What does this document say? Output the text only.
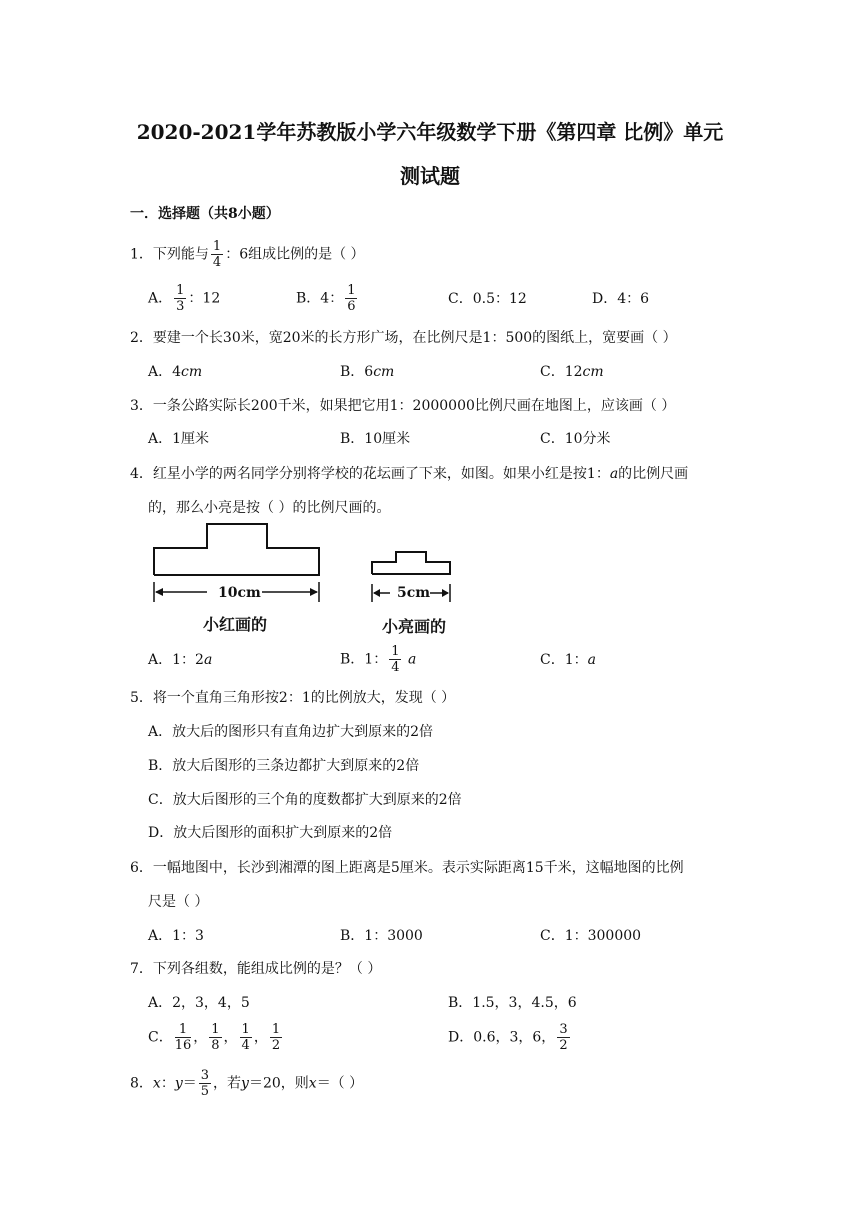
2020-2021学年苏教版小学六年级数学下册《第四章 比例》单元
测试题
一．选择题（共8小题）
1．下列能与 $\frac{1}{4}$ ：6组成比例的是（ ）
A． $\frac{1}{3}$ ：12	B．4： $\frac{1}{6}$	C．0.5：12	D．4：6
2．要建一个长30米，宽20米的长方形广场，在比例尺是1：500的图纸上，宽要画（ ）
A．4cm	B．6cm	C．12cm
3．一条公路实际长200千米，如果把它用1：2000000比例尺画在地图上，应该画（ ）
A．1厘米	B．10厘米	C．10分米
4．红星小学的两名同学分别将学校的花坛画了下来，如图。如果小红是按1：a的比例尺画
的，那么小亮是按（ ）的比例尺画的。
10cm
小红画的
5cm
小亮画的
A．1：2a	B．1： $\frac{1}{4}$ a	C．1：a
5．将一个直角三角形按2：1的比例放大，发现（ ）
A．放大后的图形只有直角边扩大到原来的2倍
B．放大后图形的三条边都扩大到原来的2倍
C．放大后图形的三个角的度数都扩大到原来的2倍
D．放大后图形的面积扩大到原来的2倍
6．一幅地图中，长沙到湘潭的图上距离是5厘米。表示实际距离15千米，这幅地图的比例
尺是（ ）
A．1：3	B．1：3000	C．1：300000
7．下列各组数，能组成比例的是？（ ）
A．2，3，4，5	B．1.5，3，4.5，6
C． $\frac{1}{16}$ ， $\frac{1}{8}$ ， $\frac{1}{4}$ ， $\frac{1}{2}$	D．0.6，3，6， $\frac{3}{2}$
8．x：$y= \frac{3}{5}$ ，若y＝20，则x＝（ ）
